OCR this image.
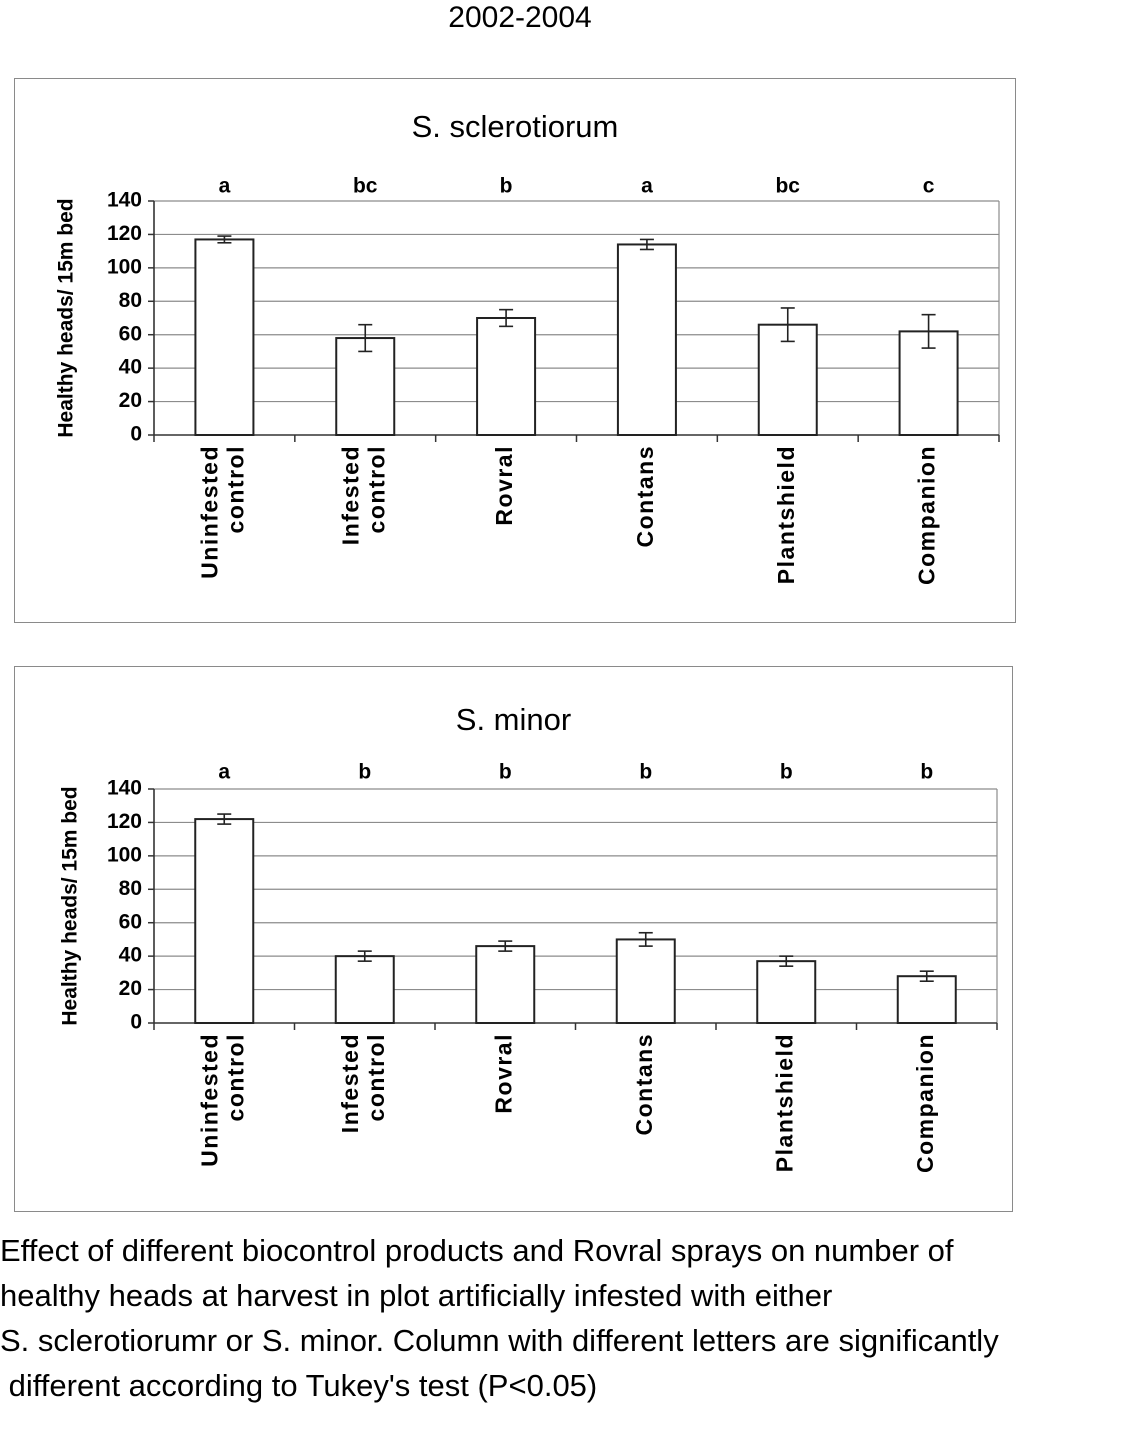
2002-2004
S. sclerotiorum
Healthy heads/ 15m bed	0
20
40
60
80
100
120
140
a
Uninfested control
bc
Infested control
b
Rovral
a
Contans
bc
Plantshield
c
Companion
S. minor
Healthy heads/ 15m bed 0
20
40
60
80
100
120
140
a
Uninfested control
b
Infested control
b
Rovral
b
Contans
b
Plantshield
b
Companion
Effect of different biocontrol products and Rovral sprays on number of
healthy heads at harvest in plot artificially infested with either
S. sclerotiorumr or S. minor. Column with different letters are significantly
different according to Tukey's test (P<0.05)
